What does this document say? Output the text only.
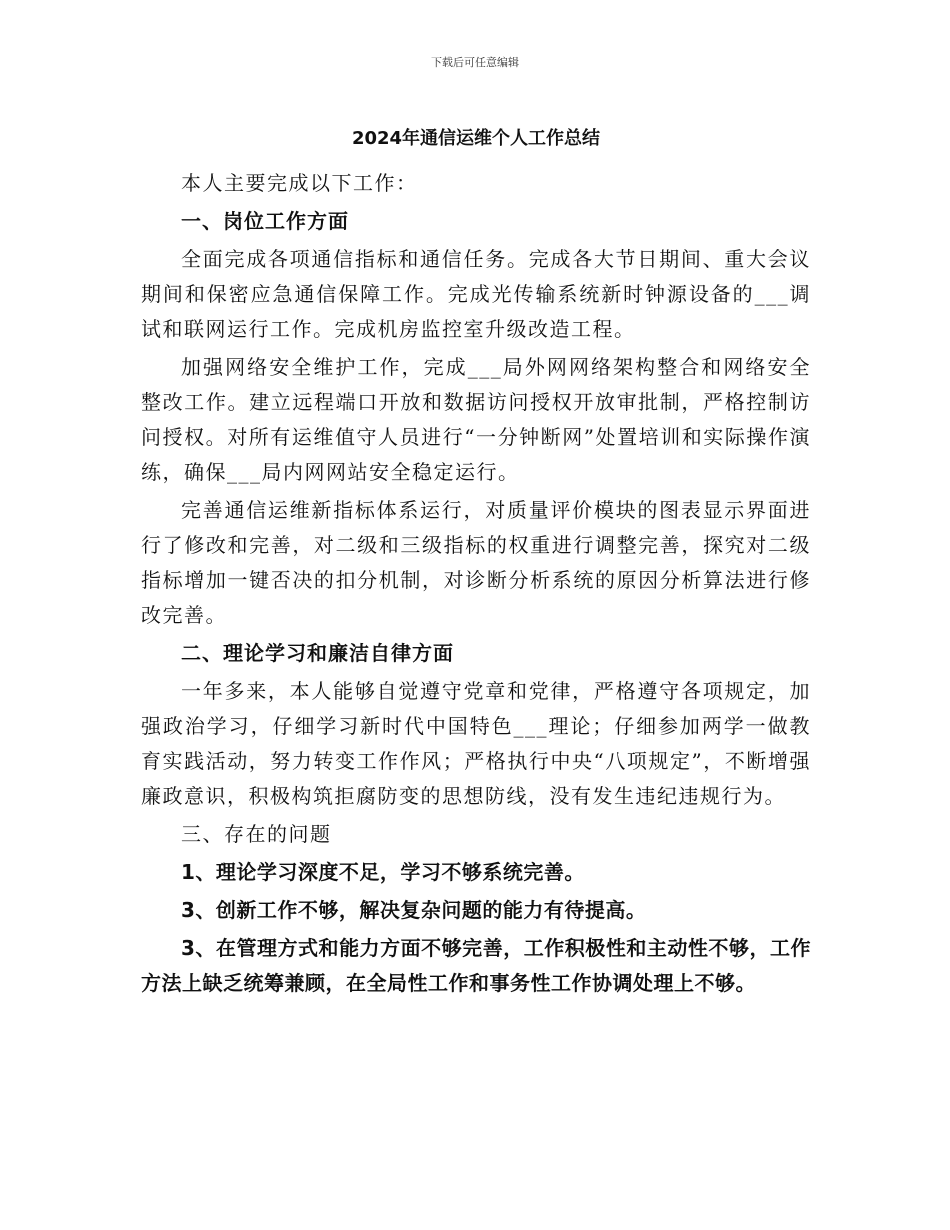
下载后可任意编辑
2024年通信运维个人工作总结

本人主要完成以下工作：

一、岗位工作方面

全面完成各项通信指标和通信任务。完成各大节日期间、重大会议期间和保密应急通信保障工作。完成光传输系统新时钟源设备的___调试和联网运行工作。完成机房监控室升级改造工程。

加强网络安全维护工作，完成___局外网网络架构整合和网络安全整改工作。建立远程端口开放和数据访问授权开放审批制，严格控制访问授权。对所有运维值守人员进行“一分钟断网”处置培训和实际操作演练，确保___局内网网站安全稳定运行。

完善通信运维新指标体系运行，对质量评价模块的图表显示界面进行了修改和完善，对二级和三级指标的权重进行调整完善，探究对二级指标增加一键否决的扣分机制，对诊断分析系统的原因分析算法进行修改完善。

二、理论学习和廉洁自律方面

一年多来，本人能够自觉遵守党章和党律，严格遵守各项规定，加强政治学习，仔细学习新时代中国特色___理论；仔细参加两学一做教育实践活动，努力转变工作作风；严格执行中央“八项规定”，不断增强廉政意识，积极构筑拒腐防变的思想防线，没有发生违纪违规行为。

三、存在的问题

1、理论学习深度不足，学习不够系统完善。

3、创新工作不够，解决复杂问题的能力有待提高。

3、在管理方式和能力方面不够完善，工作积极性和主动性不够，工作方法上缺乏统筹兼顾，在全局性工作和事务性工作协调处理上不够。
